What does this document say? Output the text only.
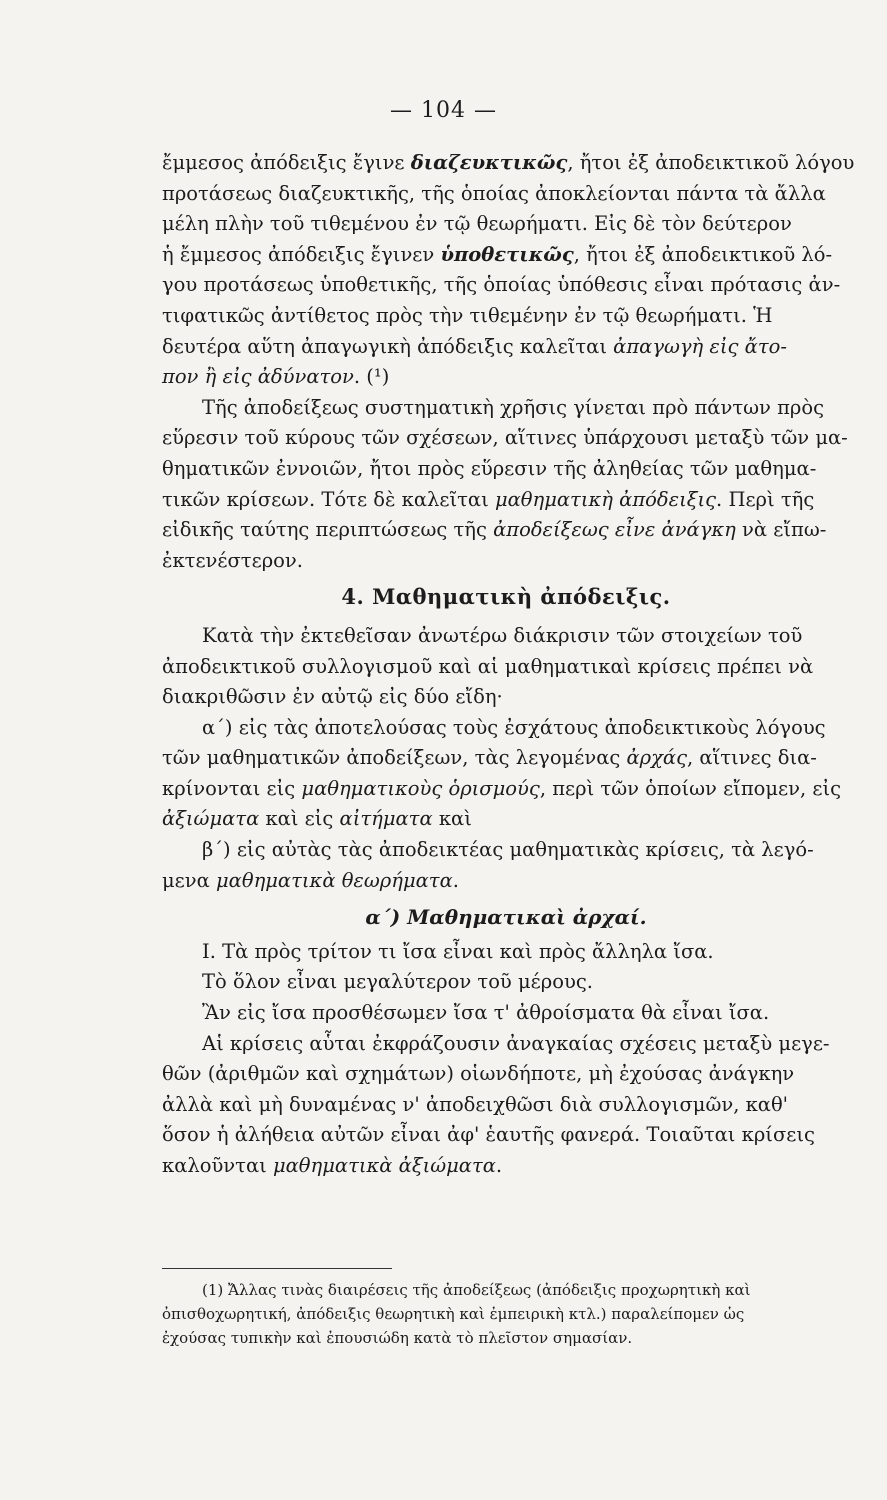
— 104 —

ἔμμεσος ἀπόδειξις ἔγινε διαζευκτικῶς, ἤτοι ἐξ ἀποδεικτικοῦ λόγου
προτάσεως διαζευκτικῆς, τῆς ὁποίας ἀποκλείονται πάντα τὰ ἄλλα
μέλη πλὴν τοῦ τιθεμένου ἐν τῷ θεωρήματι. Εἰς δὲ τὸν δεύτερον
ἡ ἔμμεσος ἀπόδειξις ἔγινεν ὑποθετικῶς, ἤτοι ἐξ ἀποδεικτικοῦ λό-
γου προτάσεως ὑποθετικῆς, τῆς ὁποίας ὑπόθεσις εἶναι πρότασις ἀν-
τιφατικῶς ἀντίθετος πρὸς τὴν τιθεμένην ἐν τῷ θεωρήματι. Ἡ
δευτέρα αὕτη ἀπαγωγικὴ ἀπόδειξις καλεῖται ἀπαγωγὴ εἰς ἄτο-
πον ἢ εἰς ἀδύνατον. (¹)

Τῆς ἀποδείξεως συστηματικὴ χρῆσις γίνεται πρὸ πάντων πρὸς
εὕρεσιν τοῦ κύρους τῶν σχέσεων, αἵτινες ὑπάρχουσι μεταξὺ τῶν μα-
θηματικῶν ἐννοιῶν, ἤτοι πρὸς εὕρεσιν τῆς ἀληθείας τῶν μαθημα-
τικῶν κρίσεων. Τότε δὲ καλεῖται μαθηματικὴ ἀπόδειξις. Περὶ τῆς
εἰδικῆς ταύτης περιπτώσεως τῆς ἀποδείξεως εἶνε ἀνάγκη νὰ εἴπω-
ἐκτενέστερον.

4. Μαθηματικὴ ἀπόδειξις.

Κατὰ τὴν ἐκτεθεῖσαν ἀνωτέρω διάκρισιν τῶν στοιχείων τοῦ
ἀποδεικτικοῦ συλλογισμοῦ καὶ αἱ μαθηματικαὶ κρίσεις πρέπει νὰ
διακριθῶσιν ἐν αὐτῷ εἰς δύο εἴδη·

α΄) εἰς τὰς ἀποτελούσας τοὺς ἐσχάτους ἀποδεικτικοὺς λόγους
τῶν μαθηματικῶν ἀποδείξεων, τὰς λεγομένας ἀρχάς, αἵτινες δια-
κρίνονται εἰς μαθηματικοὺς ὁρισμούς, περὶ τῶν ὁποίων εἴπομεν, εἰς
ἀξιώματα καὶ εἰς αἰτήματα καὶ

β΄) εἰς αὐτὰς τὰς ἀποδεικτέας μαθηματικὰς κρίσεις, τὰ λεγό-
μενα μαθηματικὰ θεωρήματα.

α΄) Μαθηματικαὶ ἀρχαί.
I. Τὰ πρὸς τρίτον τι ἴσα εἶναι καὶ πρὸς ἄλληλα ἴσα.
Τὸ ὅλον εἶναι μεγαλύτερον τοῦ μέρους.
Ἂν εἰς ἴσα προσθέσωμεν ἴσα τ' ἀθροίσματα θὰ εἶναι ἴσα.

Αἱ κρίσεις αὗται ἐκφράζουσιν ἀναγκαίας σχέσεις μεταξὺ μεγε-
θῶν (ἀριθμῶν καὶ σχημάτων) οἱωνδήποτε, μὴ ἐχούσας ἀνάγκην
ἀλλὰ καὶ μὴ δυναμένας ν' ἀποδειχθῶσι διὰ συλλογισμῶν, καθ'
ὅσον ἡ ἀλήθεια αὐτῶν εἶναι ἀφ' ἑαυτῆς φανερά. Τοιαῦται κρίσεις
καλοῦνται μαθηματικὰ ἀξιώματα.

(1) Ἄλλας τινὰς διαιρέσεις τῆς ἀποδείξεως (ἀπόδειξις προχωρητικὴ καὶ
ὀπισθοχωρητική, ἀπόδειξις θεωρητικὴ καὶ ἐμπειρικὴ κτλ.) παραλείπομεν ὡς
ἐχούσας τυπικὴν καὶ ἐπουσιώδη κατὰ τὸ πλεῖστον σημασίαν.
